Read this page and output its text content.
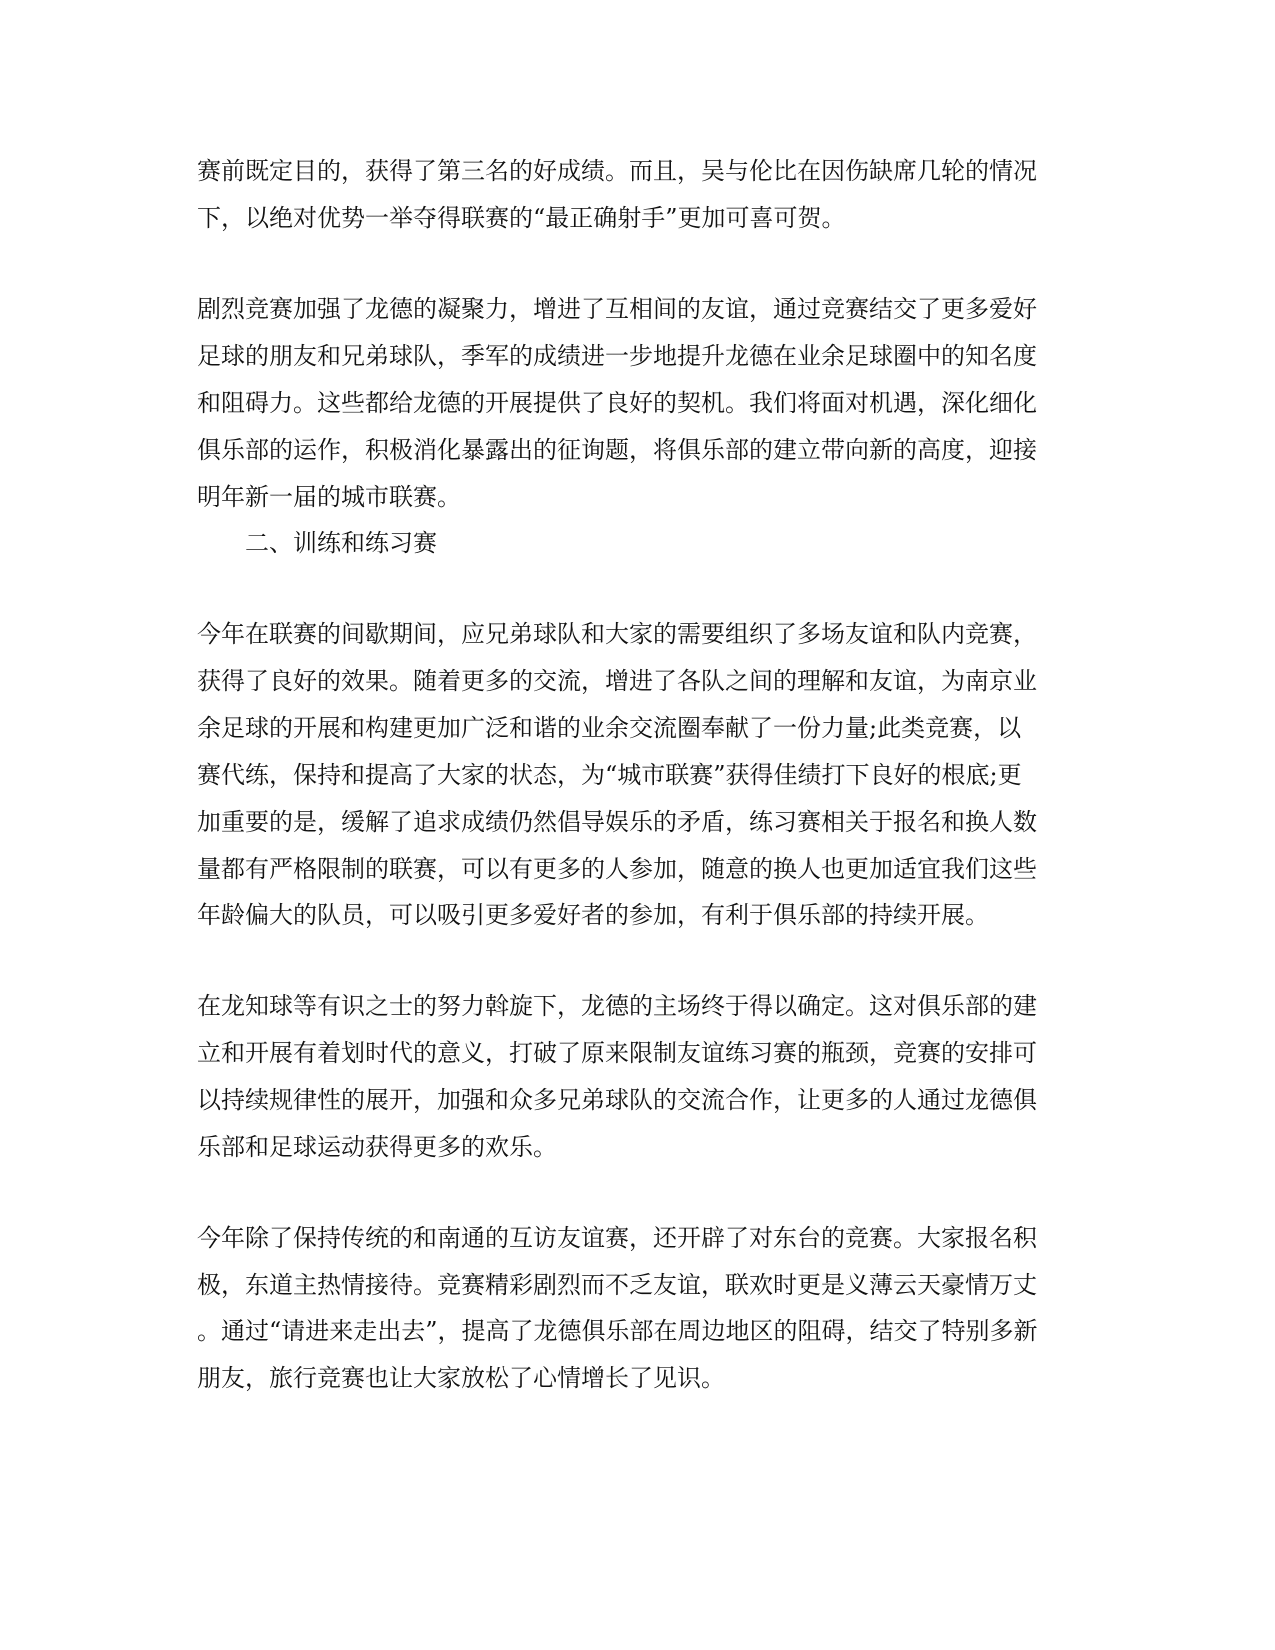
赛前既定目的，获得了第三名的好成绩。而且，吴与伦比在因伤缺席几轮的情况

下，以绝对优势一举夺得联赛的“最正确射手”更加可喜可贺。

剧烈竞赛加强了龙德的凝聚力，增进了互相间的友谊，通过竞赛结交了更多爱好

足球的朋友和兄弟球队，季军的成绩进一步地提升龙德在业余足球圈中的知名度

和阻碍力。这些都给龙德的开展提供了良好的契机。我们将面对机遇，深化细化

俱乐部的运作，积极消化暴露出的征询题，将俱乐部的建立带向新的高度，迎接

明年新一届的城市联赛。

二、训练和练习赛

今年在联赛的间歇期间，应兄弟球队和大家的需要组织了多场友谊和队内竞赛，

获得了良好的效果。随着更多的交流，增进了各队之间的理解和友谊，为南京业

余足球的开展和构建更加广泛和谐的业余交流圈奉献了一份力量;此类竞赛，以

赛代练，保持和提高了大家的状态，为“城市联赛”获得佳绩打下良好的根底;更

加重要的是，缓解了追求成绩仍然倡导娱乐的矛盾，练习赛相关于报名和换人数

量都有严格限制的联赛，可以有更多的人参加，随意的换人也更加适宜我们这些

年龄偏大的队员，可以吸引更多爱好者的参加，有利于俱乐部的持续开展。

在龙知球等有识之士的努力斡旋下，龙德的主场终于得以确定。这对俱乐部的建

立和开展有着划时代的意义，打破了原来限制友谊练习赛的瓶颈，竞赛的安排可

以持续规律性的展开，加强和众多兄弟球队的交流合作，让更多的人通过龙德俱

乐部和足球运动获得更多的欢乐。

今年除了保持传统的和南通的互访友谊赛，还开辟了对东台的竞赛。大家报名积

极，东道主热情接待。竞赛精彩剧烈而不乏友谊，联欢时更是义薄云天豪情万丈

。通过“请进来走出去”，提高了龙德俱乐部在周边地区的阻碍，结交了特别多新

朋友，旅行竞赛也让大家放松了心情增长了见识。
